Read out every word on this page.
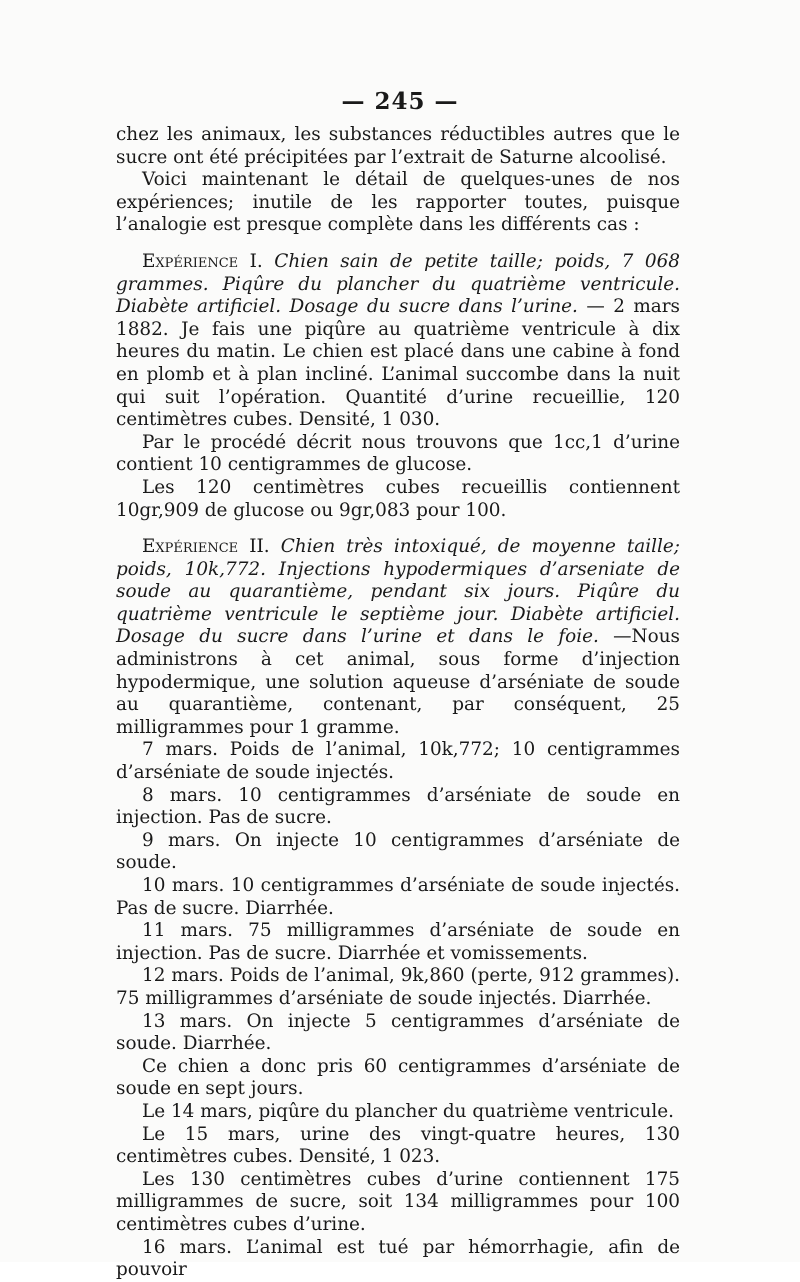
— 245 —

chez les animaux, les substances réductibles autres que le sucre ont été précipitées par l’extrait de Saturne alcoolisé.

Voici maintenant le détail de quelques-unes de nos expériences; inutile de les rapporter toutes, puisque l’analogie est presque complète dans les différents cas :

Expérience I. Chien sain de petite taille; poids, 7 068 grammes. Piqûre du plancher du quatrième ventricule. Diabète artificiel. Dosage du sucre dans l’urine. — 2 mars 1882. Je fais une piqûre au quatrième ventricule à dix heures du matin. Le chien est placé dans une cabine à fond en plomb et à plan incliné. L’animal succombe dans la nuit qui suit l’opération. Quantité d’urine recueillie, 120 centimètres cubes. Densité, 1 030.

Par le procédé décrit nous trouvons que 1cc,1 d’urine contient 10 centigrammes de glucose.

Les 120 centimètres cubes recueillis contiennent 10gr,909 de glucose ou 9gr,083 pour 100.

Expérience II. Chien très intoxiqué, de moyenne taille; poids, 10k,772. Injections hypodermiques d’arseniate de soude au quarantième, pendant six jours. Piqûre du quatrième ventricule le septième jour. Diabète artificiel. Dosage du sucre dans l’urine et dans le foie. —Nous administrons à cet animal, sous forme d’injection hypodermique, une solution aqueuse d’arséniate de soude au quarantième, contenant, par conséquent, 25 milligrammes pour 1 gramme.

7 mars. Poids de l’animal, 10k,772; 10 centigrammes d’arséniate de soude injectés.

8 mars. 10 centigrammes d’arséniate de soude en injection. Pas de sucre.

9 mars. On injecte 10 centigrammes d’arséniate de soude.

10 mars. 10 centigrammes d’arséniate de soude injectés. Pas de sucre. Diarrhée.

11 mars. 75 milligrammes d’arséniate de soude en injection. Pas de sucre. Diarrhée et vomissements.

12 mars. Poids de l’animal, 9k,860 (perte, 912 grammes). 75 milligrammes d’arséniate de soude injectés. Diarrhée.

13 mars. On injecte 5 centigrammes d’arséniate de soude. Diarrhée.

Ce chien a donc pris 60 centigrammes d’arséniate de soude en sept jours.

Le 14 mars, piqûre du plancher du quatrième ventricule.

Le 15 mars, urine des vingt-quatre heures, 130 centimètres cubes. Densité, 1 023.

Les 130 centimètres cubes d’urine contiennent 175 milligrammes de sucre, soit 134 milligrammes pour 100 centimètres cubes d’urine.

16 mars. L’animal est tué par hémorrhagie, afin de pouvoir
